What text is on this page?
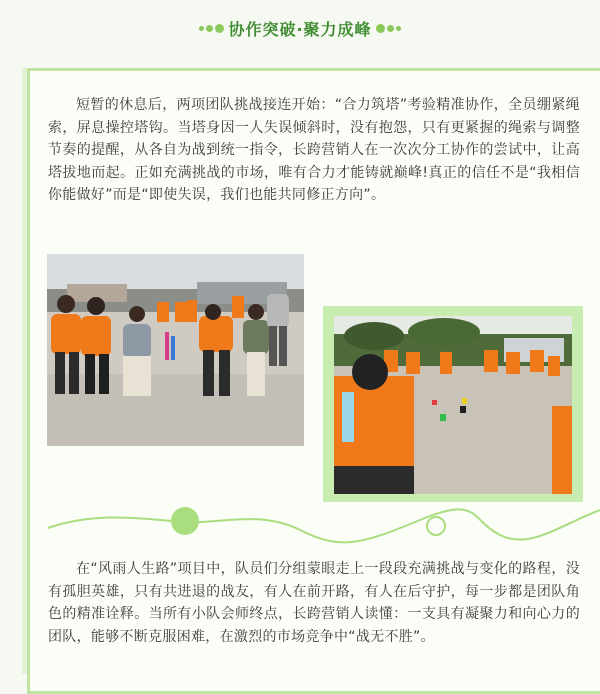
协作突破·聚力成峰

短暂的休息后，两项团队挑战接连开始：“合力筑塔”考验精准协作，全员绷紧绳索，屏息操控塔钩。当塔身因一人失误倾斜时，没有抱怨，只有更紧握的绳索与调整节奏的提醒，从各自为战到统一指令，长跨营销人在一次次分工协作的尝试中，让高塔拔地而起。正如充满挑战的市场，唯有合力才能铸就巅峰!真正的信任不是“我相信你能做好”而是“即使失误，我们也能共同修正方向”。

在“风雨人生路”项目中，队员们分组蒙眼走上一段段充满挑战与变化的路程，没有孤胆英雄，只有共进退的战友，有人在前开路，有人在后守护，每一步都是团队角色的精准诠释。当所有小队会师终点，长跨营销人读懂：一支具有凝聚力和向心力的团队，能够不断克服困难，在激烈的市场竞争中“战无不胜”。
